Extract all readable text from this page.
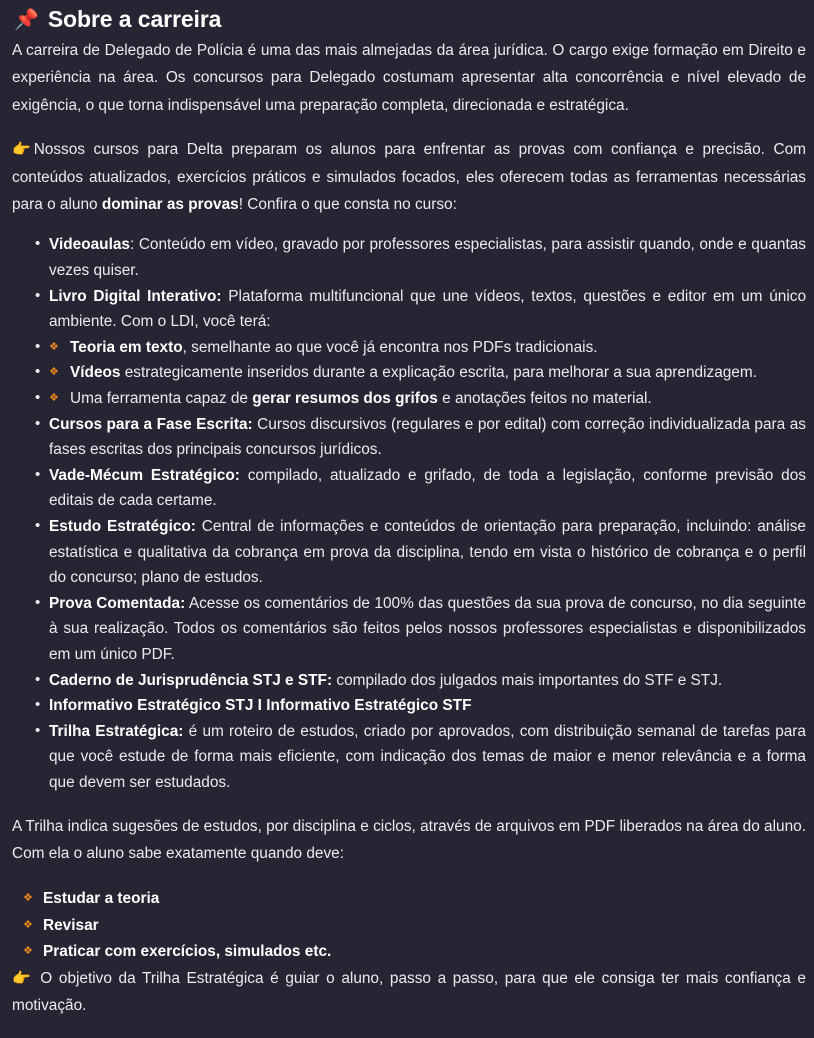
📌 Sobre a carreira

A carreira de Delegado de Polícia é uma das mais almejadas da área jurídica. O cargo exige formação em Direito e experiência na área. Os concursos para Delegado costumam apresentar alta concorrência e nível elevado de exigência, o que torna indispensável uma preparação completa, direcionada e estratégica.

👉 Nossos cursos para Delta preparam os alunos para enfrentar as provas com confiança e precisão. Com conteúdos atualizados, exercícios práticos e simulados focados, eles oferecem todas as ferramentas necessárias para o aluno dominar as provas! Confira o que consta no curso:

• Videoaulas: Conteúdo em vídeo, gravado por professores especialistas, para assistir quando, onde e quantas vezes quiser.
• Livro Digital Interativo: Plataforma multifuncional que une vídeos, textos, questões e editor em um único ambiente. Com o LDI, você terá:
• ❖ Teoria em texto, semelhante ao que você já encontra nos PDFs tradicionais.
• ❖ Vídeos estrategicamente inseridos durante a explicação escrita, para melhorar a sua aprendizagem.
• ❖ Uma ferramenta capaz de gerar resumos dos grifos e anotações feitos no material.
• Cursos para a Fase Escrita: Cursos discursivos (regulares e por edital) com correção individualizada para as fases escritas dos principais concursos jurídicos.
• Vade-Mécum Estratégico: compilado, atualizado e grifado, de toda a legislação, conforme previsão dos editais de cada certame.
• Estudo Estratégico: Central de informações e conteúdos de orientação para preparação, incluindo: análise estatística e qualitativa da cobrança em prova da disciplina, tendo em vista o histórico de cobrança e o perfil do concurso; plano de estudos.
• Prova Comentada: Acesse os comentários de 100% das questões da sua prova de concurso, no dia seguinte à sua realização. Todos os comentários são feitos pelos nossos professores especialistas e disponibilizados em um único PDF.
• Caderno de Jurisprudência STJ e STF: compilado dos julgados mais importantes do STF e STJ.
• Informativo Estratégico STJ I Informativo Estratégico STF
• Trilha Estratégica: é um roteiro de estudos, criado por aprovados, com distribuição semanal de tarefas para que você estude de forma mais eficiente, com indicação dos temas de maior e menor relevância e a forma que devem ser estudados.

A Trilha indica sugesões de estudos, por disciplina e ciclos, através de arquivos em PDF liberados na área do aluno. Com ela o aluno sabe exatamente quando deve:

❖ Estudar a teoria
❖ Revisar
❖ Praticar com exercícios, simulados etc.

👉 O objetivo da Trilha Estratégica é guiar o aluno, passo a passo, para que ele consiga ter mais confiança e motivação.
